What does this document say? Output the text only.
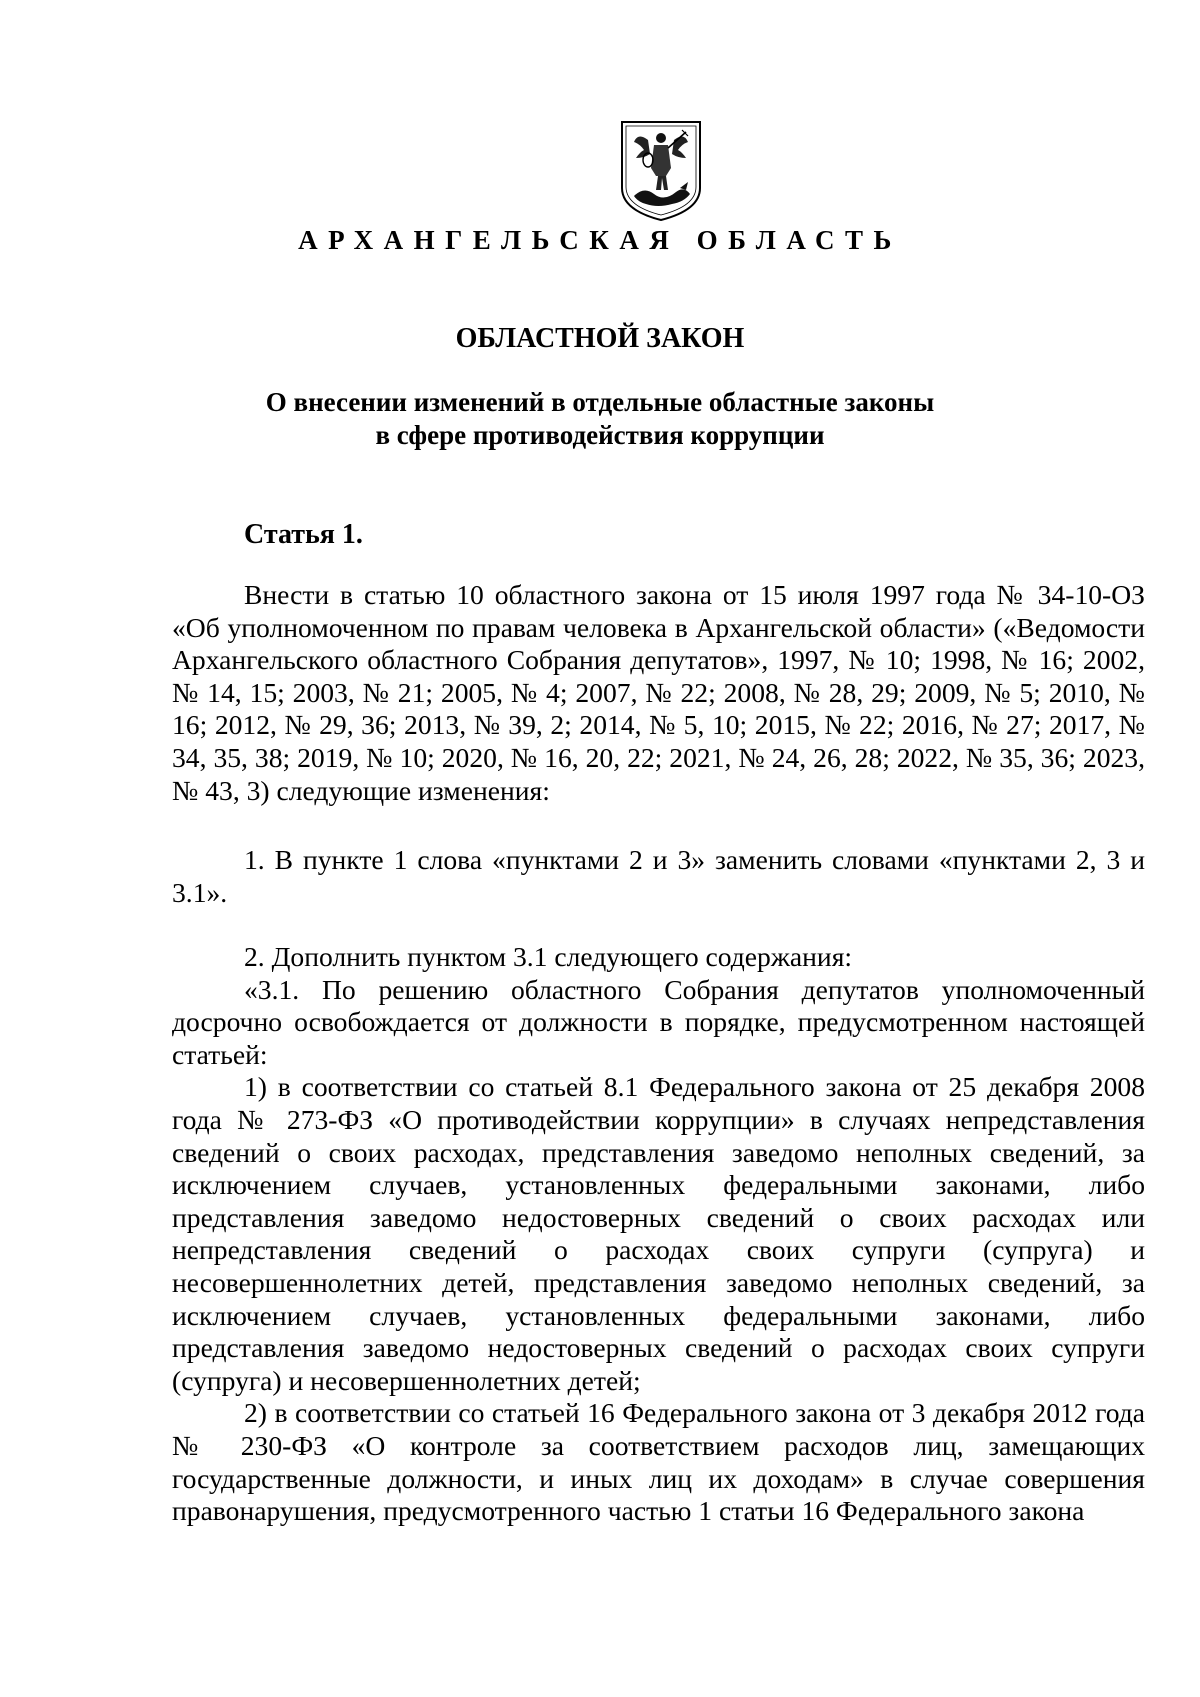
АРХАНГЕЛЬСКАЯ ОБЛАСТЬ
ОБЛАСТНОЙ ЗАКОН
О внесении изменений в отдельные областные законы
в сфере противодействия коррупции
Статья 1.

Внести в статью 10 областного закона от 15 июля 1997 года № 34-10-ОЗ «Об уполномоченном по правам человека в Архангельской области» («Ведомости Архангельского областного Собрания депутатов», 1997, № 10; 1998, № 16; 2002, № 14, 15; 2003, № 21; 2005, № 4; 2007, № 22; 2008, № 28, 29; 2009, № 5; 2010, № 16; 2012, № 29, 36; 2013, № 39, 2; 2014, № 5, 10; 2015, № 22; 2016, № 27; 2017, № 34, 35, 38; 2019, № 10; 2020, № 16, 20, 22; 2021, № 24, 26, 28; 2022, № 35, 36; 2023, № 43, 3) следующие изменения:

1. В пункте 1 слова «пунктами 2 и 3» заменить словами «пунктами 2, 3 и 3.1».

2. Дополнить пунктом 3.1 следующего содержания:

«3.1. По решению областного Собрания депутатов уполномоченный досрочно освобождается от должности в порядке, предусмотренном настоящей статьей:

1) в соответствии со статьей 8.1 Федерального закона от 25 декабря 2008 года № 273-ФЗ «О противодействии коррупции» в случаях непредставления сведений о своих расходах, представления заведомо неполных сведений, за исключением случаев, установленных федеральными законами, либо представления заведомо недостоверных сведений о своих расходах или непредставления сведений о расходах своих супруги (супруга) и несовершеннолетних детей, представления заведомо неполных сведений, за исключением случаев, установленных федеральными законами, либо представления заведомо недостоверных сведений о расходах своих супруги (супруга) и несовершеннолетних детей;

2) в соответствии со статьей 16 Федерального закона от 3 декабря 2012 года № 230-ФЗ «О контроле за соответствием расходов лиц, замещающих государственные должности, и иных лиц их доходам» в случае совершения правонарушения, предусмотренного частью 1 статьи 16 Федерального закона
